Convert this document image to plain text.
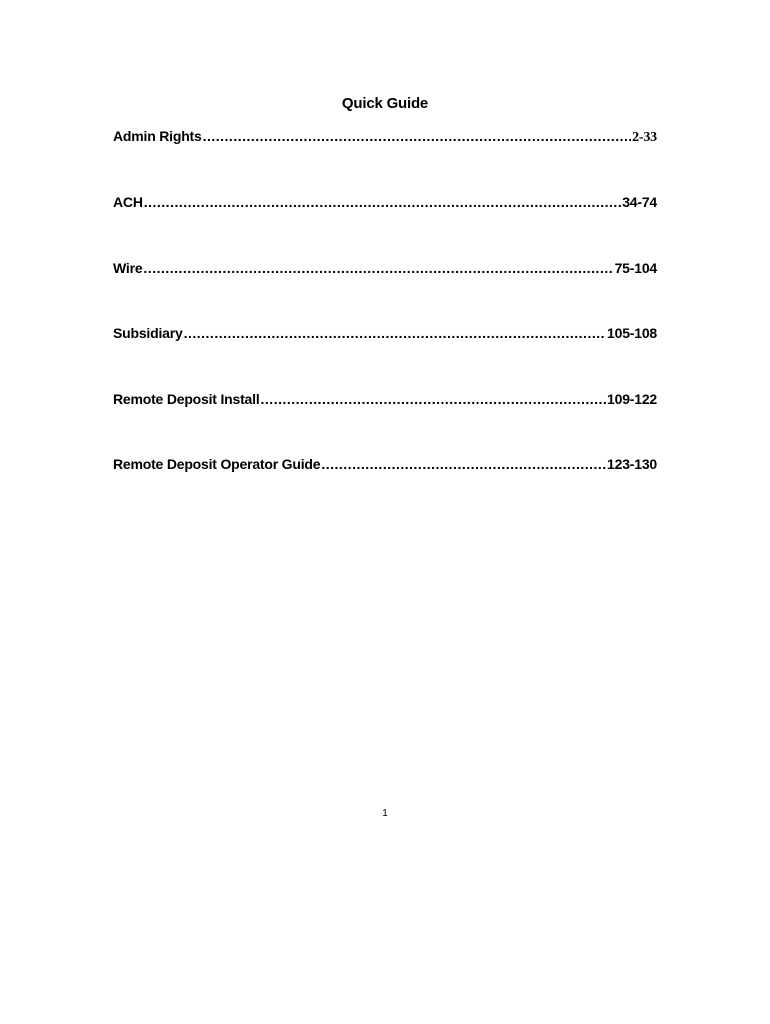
Quick Guide
Admin Rights .....	2-33
ACH .....	34-74
Wire .....	75-104
Subsidiary .....	105-108
Remote Deposit Install .....	109-122
Remote Deposit Operator Guide .....	123-130
1
